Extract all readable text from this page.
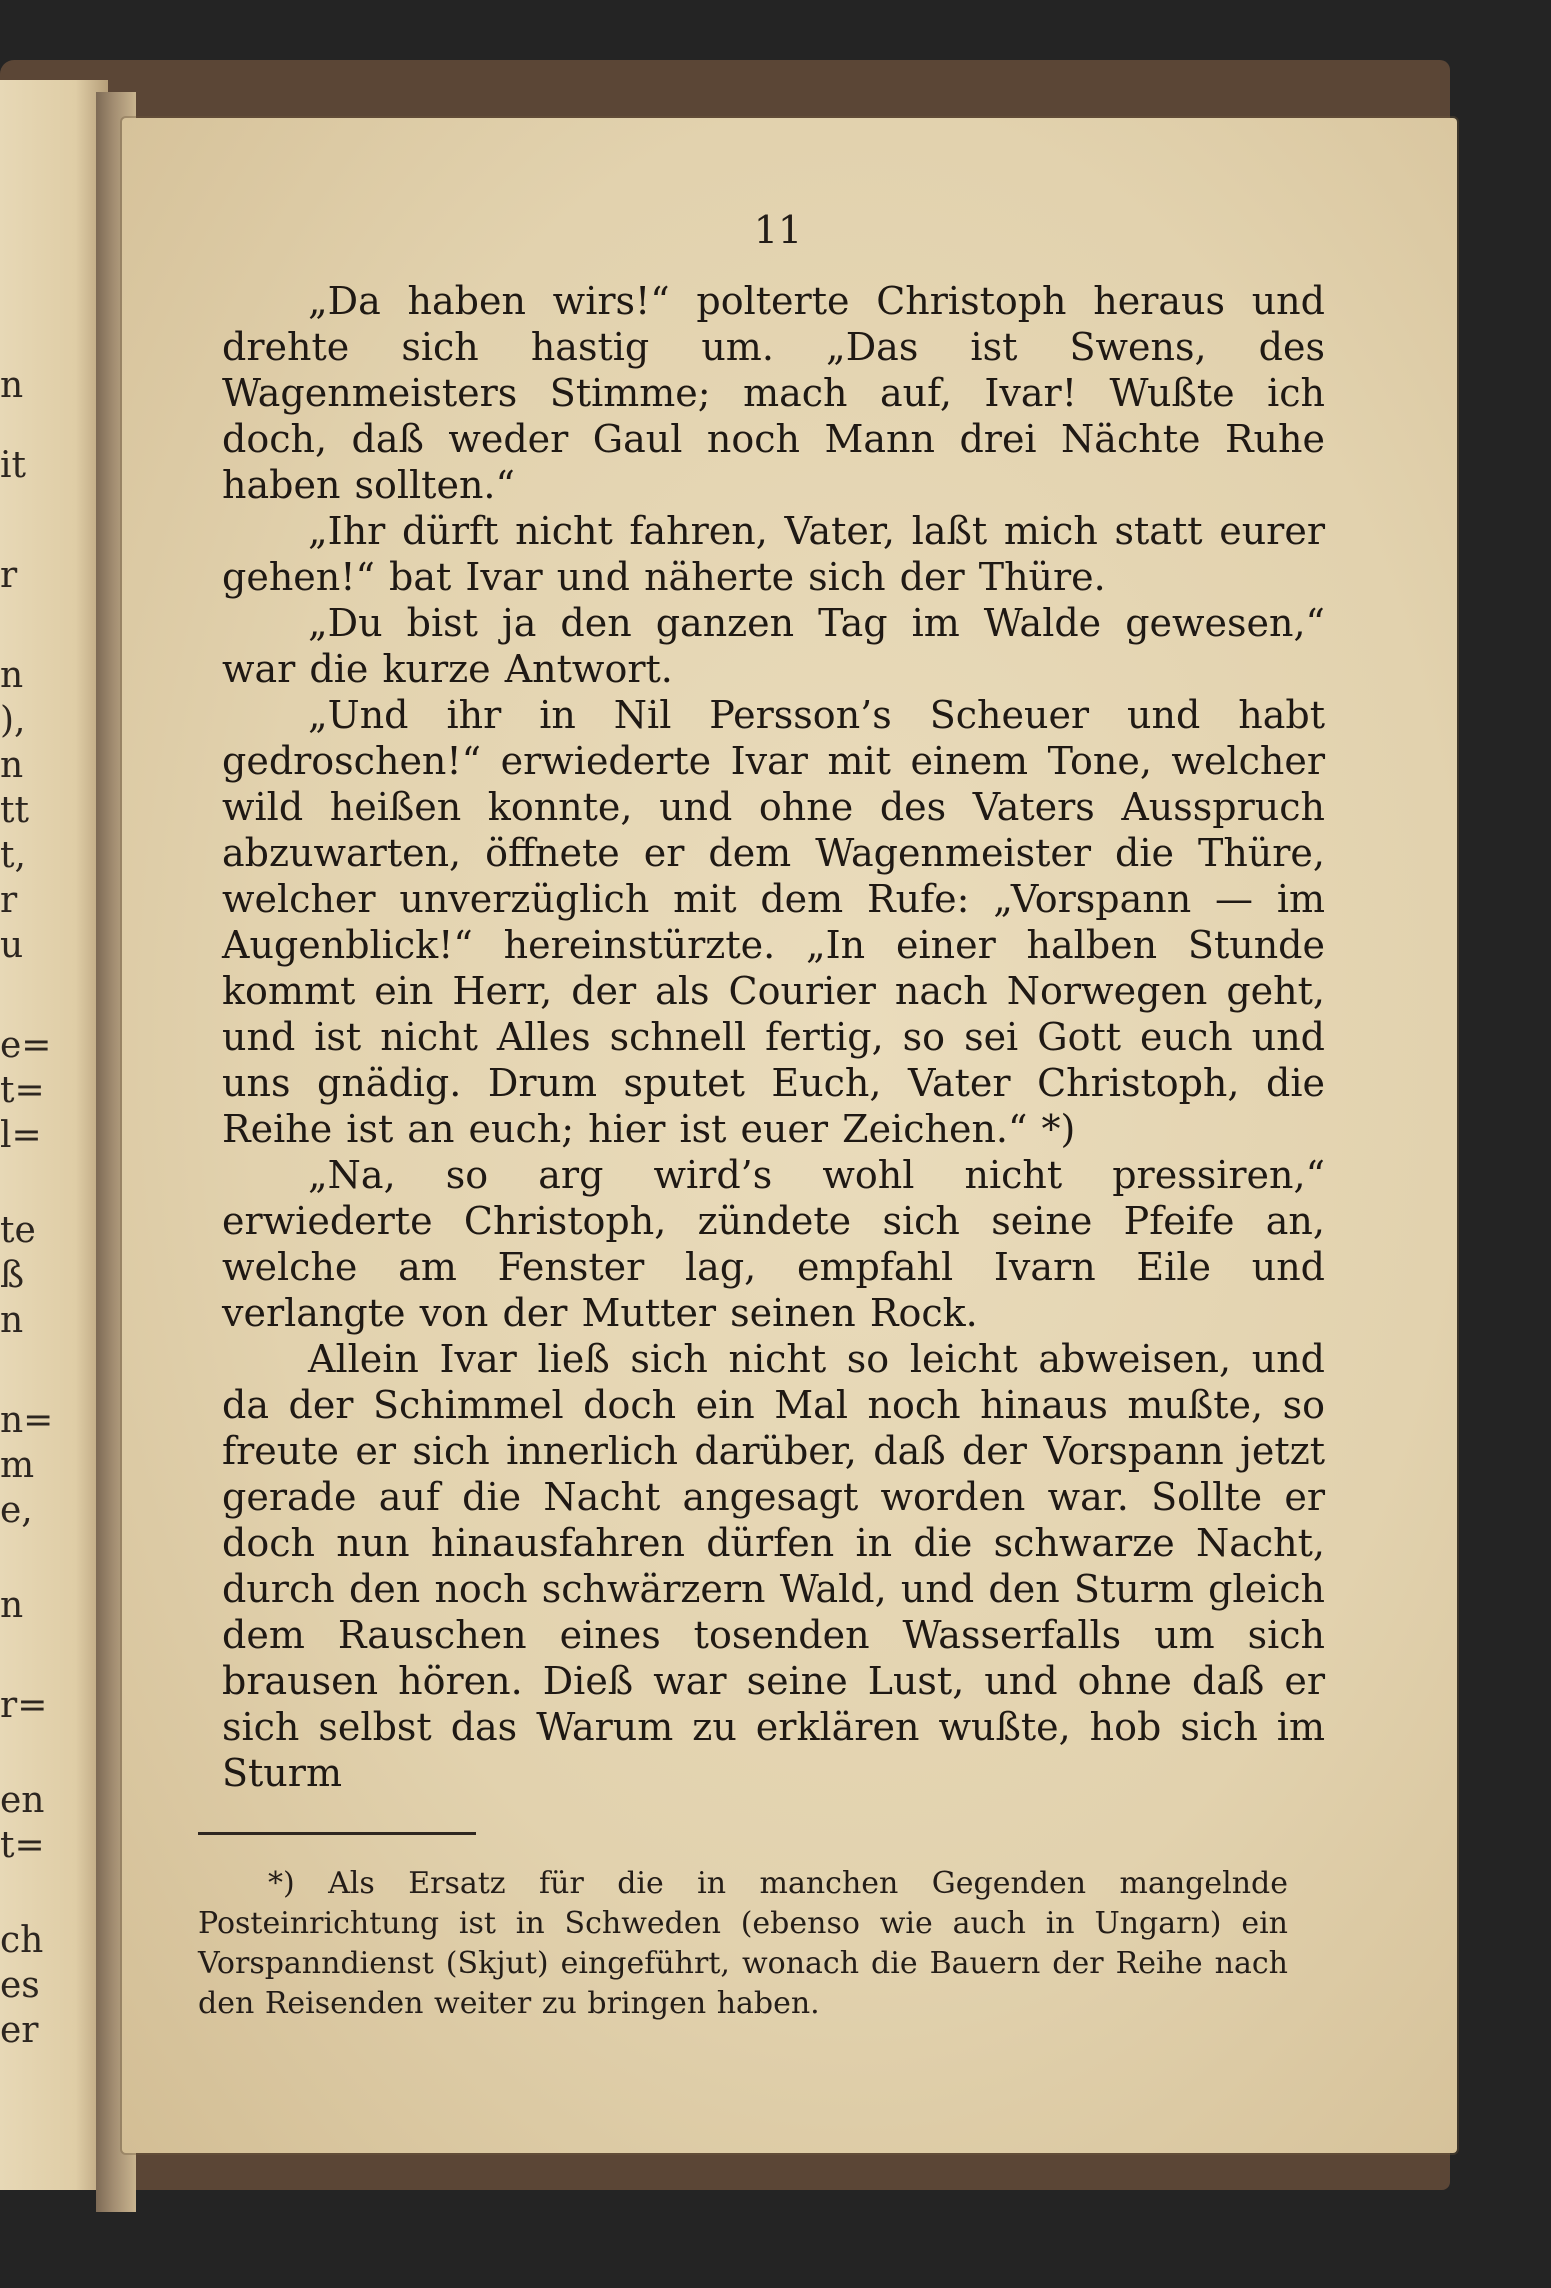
n
it
r
n
),
n
tt
t,
r
u
e=
t=
l=
te
ß
n
n=
m
e,
n
r=
en
t=
ch
es
er
11

„Da haben wirs!“ polterte Christoph heraus und drehte sich hastig um. „Das ist Swens, des Wagenmeisters Stimme; mach auf, Ivar! Wußte ich doch, daß weder Gaul noch Mann drei Nächte Ruhe haben sollten.“

„Ihr dürft nicht fahren, Vater, laßt mich statt eurer gehen!“ bat Ivar und näherte sich der Thüre.

„Du bist ja den ganzen Tag im Walde gewesen,“ war die kurze Antwort.

„Und ihr in Nil Persson’s Scheuer und habt gedroschen!“ erwiederte Ivar mit einem Tone, welcher wild heißen konnte, und ohne des Vaters Ausspruch abzuwarten, öffnete er dem Wagenmeister die Thüre, welcher unverzüglich mit dem Rufe: „Vorspann — im Augenblick!“ hereinstürzte. „In einer halben Stunde kommt ein Herr, der als Courier nach Norwegen geht, und ist nicht Alles schnell fertig, so sei Gott euch und uns gnädig. Drum sputet Euch, Vater Christoph, die Reihe ist an euch; hier ist euer Zeichen.“ *)

„Na, so arg wird’s wohl nicht pressiren,“ erwiederte Christoph, zündete sich seine Pfeife an, welche am Fenster lag, empfahl Ivarn Eile und verlangte von der Mutter seinen Rock.

Allein Ivar ließ sich nicht so leicht abweisen, und da der Schimmel doch ein Mal noch hinaus mußte, so freute er sich innerlich darüber, daß der Vorspann jetzt gerade auf die Nacht angesagt worden war. Sollte er doch nun hinausfahren dürfen in die schwarze Nacht, durch den noch schwärzern Wald, und den Sturm gleich dem Rauschen eines tosenden Wasserfalls um sich brausen hören. Dieß war seine Lust, und ohne daß er sich selbst das Warum zu erklären wußte, hob sich im Sturm

*) Als Ersatz für die in manchen Gegenden mangelnde Posteinrichtung ist in Schweden (ebenso wie auch in Ungarn) ein Vorspanndienst (Skjut) eingeführt, wonach die Bauern der Reihe nach den Reisenden weiter zu bringen haben.
